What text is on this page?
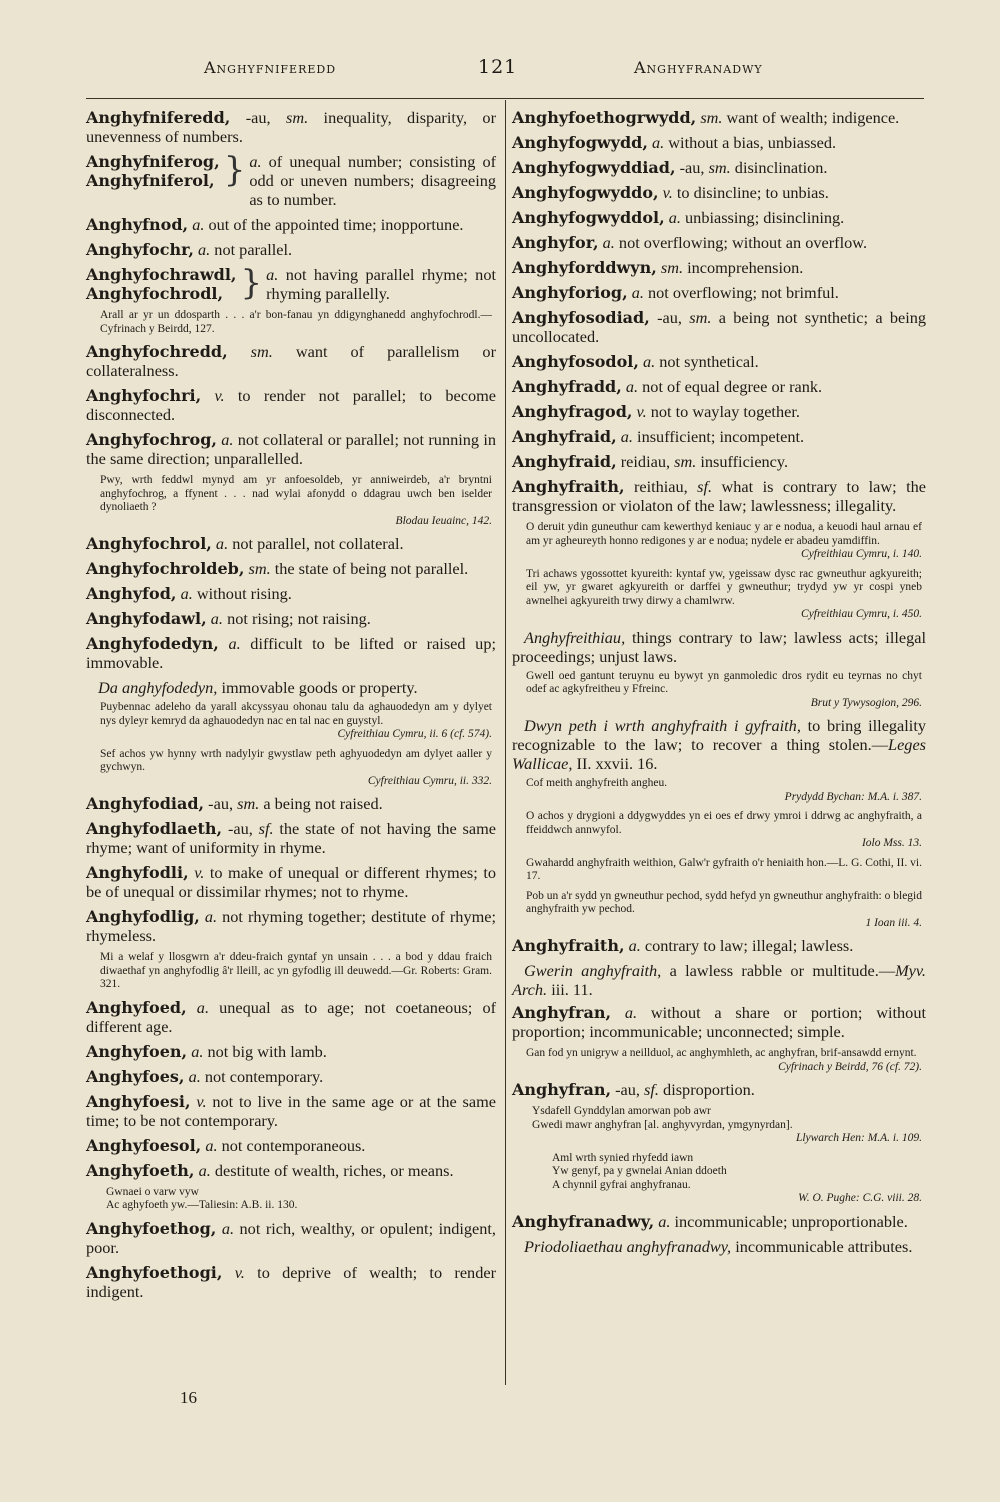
Anghyfniferedd	121	Anghyfranadwy
Anghyfniferedd, -au, sm. inequality, disparity, or unevenness of numbers.
Anghyfniferog,
Anghyfniferol, } a. of unequal number; consisting of odd or uneven numbers; disagreeing as to number.
Anghyfnod, a. out of the appointed time; inopportune.
Anghyfochr, a. not parallel.
Anghyfochrawdl,
Anghyfochrodl, } a. not having parallel rhyme; not rhyming parallelly.
Arall ar yr un ddosparth . . . a'r bon-fanau yn ddigynghanedd anghyfochrodl.—Cyfrinach y Beirdd, 127.
Anghyfochredd, sm. want of parallelism or collateralness.
Anghyfochri, v. to render not parallel; to become disconnected.
Anghyfochrog, a. not collateral or parallel; not running in the same direction; unparallelled.
Pwy, wrth feddwl mynyd am yr anfoesoldeb, yr anniweirdeb, a'r bryntni anghyfochrog, a ffynent . . . nad wylai afonydd o ddagrau uwch ben iselder dynoliaeth ?
Blodau Ieuainc, 142.
Anghyfochrol, a. not parallel, not collateral.
Anghyfochroldeb, sm. the state of being not parallel.
Anghyfod, a. without rising.
Anghyfodawl, a. not rising; not raising.
Anghyfodedyn, a. difficult to be lifted or raised up; immovable.
Da anghyfodedyn, immovable goods or property.
Puybennac adeleho da yarall akcyssyau ohonau talu da aghauodedyn am y dylyet nys dyleyr kemryd da aghauodedyn nac en tal nac en guystyl.
Cyfreithiau Cymru, ii. 6 (cf. 574).
Sef achos yw hynny wrth nadylyir gwystlaw peth aghyuodedyn am dylyet aaller y gychwyn.
Cyfreithiau Cymru, ii. 332.
Anghyfodiad, -au, sm. a being not raised.
Anghyfodlaeth, -au, sf. the state of not having the same rhyme; want of uniformity in rhyme.
Anghyfodli, v. to make of unequal or different rhymes; to be of unequal or dissimilar rhymes; not to rhyme.
Anghyfodlig, a. not rhyming together; destitute of rhyme; rhymeless.
Mi a welaf y llosgwrn a'r ddeu-fraich gyntaf yn unsain . . . a bod y ddau fraich diwaethaf yn anghyfodlig â'r lleill, ac yn gyfodlig ill deuwedd.—Gr. Roberts: Gram. 321.
Anghyfoed, a. unequal as to age; not coetaneous; of different age.
Anghyfoen, a. not big with lamb.
Anghyfoes, a. not contemporary.
Anghyfoesi, v. not to live in the same age or at the same time; to be not contemporary.
Anghyfoesol, a. not contemporaneous.
Anghyfoeth, a. destitute of wealth, riches, or means.
Gwnaei o varw vyw
Ac aghyfoeth yw.—Taliesin: A.B. ii. 130.
Anghyfoethog, a. not rich, wealthy, or opulent; indigent, poor.
Anghyfoethogi, v. to deprive of wealth; to render indigent.
Anghyfoethogrwydd, sm. want of wealth; indigence.
Anghyfogwydd, a. without a bias, unbiassed.
Anghyfogwyddiad, -au, sm. disinclination.
Anghyfogwyddo, v. to disincline; to unbias.
Anghyfogwyddol, a. unbiassing; disinclining.
Anghyfor, a. not overflowing; without an overflow.
Anghyforddwyn, sm. incomprehension.
Anghyforiog, a. not overflowing; not brimful.
Anghyfosodiad, -au, sm. a being not synthetic; a being uncollocated.
Anghyfosodol, a. not synthetical.
Anghyfradd, a. not of equal degree or rank.
Anghyfragod, v. not to waylay together.
Anghyfraid, a. insufficient; incompetent.
Anghyfraid, reidiau, sm. insufficiency.
Anghyfraith, reithiau, sf. what is contrary to law; the transgression or violaton of the law; lawlessness; illegality.
O deruit ydin guneuthur cam kewerthyd keniauc y ar e nodua, a keuodi haul arnau ef am yr agheureyth honno redigones y ar e nodua; nydele er abadeu yamdiffin.
Cyfreithiau Cymru, i. 140.
Tri achaws ygossottet kyureith: kyntaf yw, ygeissaw dysc rac gwneuthur agkyureith; eil yw, yr gwaret agkyureith or darffei y gwneuthur; trydyd yw yr cospi yneb awnelhei agkyureith trwy dirwy a chamlwrw.
Cyfreithiau Cymru, i. 450.
Anghyfreithiau, things contrary to law; lawless acts; illegal proceedings; unjust laws.
Gwell oed gantunt teruynu eu bywyt yn ganmoledic dros rydit eu teyrnas no chyt odef ac agkyfreitheu y Ffreinc.
Brut y Tywysogion, 296.
Dwyn peth i wrth anghyfraith i gyfraith, to bring illegality recognizable to the law; to recover a thing stolen.—Leges Wallicae, II. xxvii. 16.
Cof meith anghyfreith angheu.
Prydydd Bychan: M.A. i. 387.
O achos y drygioni a ddygwyddes yn ei oes ef drwy ymroi i ddrwg ac anghyfraith, a ffeiddwch annwyfol.
Iolo Mss. 13.
Gwahardd anghyfraith weithion, Galw'r gyfraith o'r heniaith hon.—L. G. Cothi, II. vi. 17.
Pob un a'r sydd yn gwneuthur pechod, sydd hefyd yn gwneuthur anghyfraith: o blegid anghyfraith yw pechod.
1 Ioan iii. 4.
Anghyfraith, a. contrary to law; illegal; lawless.
Gwerin anghyfraith, a lawless rabble or multitude.—Myv. Arch. iii. 11.
Anghyfran, a. without a share or portion; without proportion; incommunicable; unconnected; simple.
Gan fod yn unigryw a neillduol, ac anghymhleth, ac anghyfran, brif-ansawdd ernynt.
Cyfrinach y Beirdd, 76 (cf. 72).
Anghyfran, -au, sf. disproportion.
Ysdafell Gynddylan amorwan pob awr
Gwedi mawr anghyfran [al. anghyvyrdan, ymgynyrdan].
Llywarch Hen: M.A. i. 109.
Aml wrth synied rhyfedd iawn
Yw genyf, pa y gwnelai Anian ddoeth
A chynnil gyfrai anghyfranau.
W. O. Pughe: C.G. viii. 28.
Anghyfranadwy, a. incommunicable; unproportionable.
Priodoliaethau anghyfranadwy, incommunicable attributes.
16
